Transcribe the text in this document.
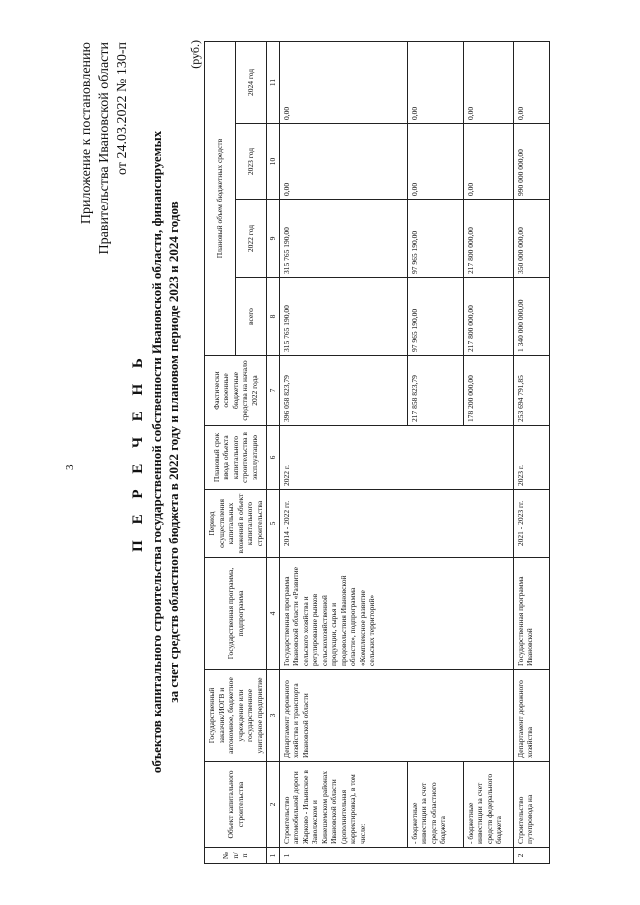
3
Приложение к постановлению Правительства Ивановской области от 24.03.2022 № 130-п
П Е Р Е Ч Е Н Ь объектов капитального строительства государственной собственности Ивановской области, финансируемых за счет средств областного бюджета в 2022 году и плановом периоде 2023 и 2024 годов
(руб.)
№ п/п	Объект капитального строительства	Государственный заказчик/ИОГВ и автономное, бюджетное учреждение или государственное унитарное предприятие	Государственная программа, подпрограмма	Период осуществления капитальных вложений в объект капитального строительства	Плановый срок ввода объекта капитального строительства в эксплуатацию	Фактически освоенные бюджетные средства на начало 2022 года	Плановый объем бюджетных средств			
							всего	2022 год	2023 год	2024 год
1	2	3	4	5	6	7	8	9	10	11
1	Строительство автомобильной дороги Жарково - Ильинское в Заволжском и Кинешемском районах Ивановской области (дополнительная корректировка), в том числе:	Департамент дорожного хозяйства и транспорта Ивановской области	Государственная программа Ивановской области «Развитие сельского хозяйства и регулирование рынков сельскохозяйственной продукции, сырья и продовольствия Ивановской области», подпрограмма «Комплексное развитие сельских территорий»	2014 - 2022 гг.	2022 г.	396 058 823,79	315 765 190,00	315 765 190,00	0,00	0,00
	- бюджетные инвестиции за счет средств областного бюджета					217 858 823,79	97 965 190,00	97 965 190,00	0,00	0,00
	- бюджетные инвестиции за счет средств федерального бюджета					178 200 000,00	217 800 000,00	217 800 000,00	0,00	0,00
2	Строительство путепровода на	Департамент дорожного хозяйства	Государственная программа Ивановской	2021 - 2023 гг.	2023 г.	253 694 791,85	1 340 000 000,00	350 000 000,00	990 000 000,00	0,00
